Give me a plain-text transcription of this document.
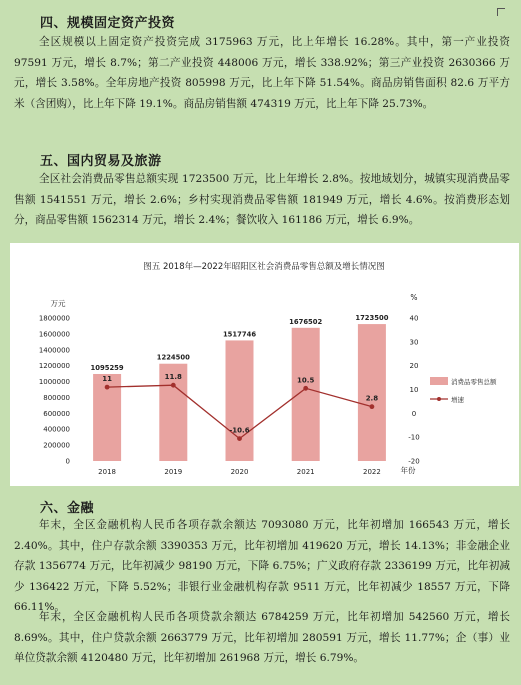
四、规模固定资产投资

全区规模以上固定资产投资完成 3175963 万元，比上年增长 16.28%。其中，第一产业投资 97591 万元，增长 8.7%；第二产业投资 448006 万元，增长 338.92%；第三产业投资 2630366 万元，增长 3.58%。全年房地产投资 805998 万元，比上年下降 51.54%。商品房销售面积 82.6 万平方米（含团购），比上年下降 19.1%。商品房销售额 474319 万元，比上年下降 25.73%。

五、国内贸易及旅游

全区社会消费品零售总额实现 1723500 万元，比上年增长 2.8%。按地域划分，城镇实现消费品零售额 1541551 万元，增长 2.6%；乡村实现消费品零售额 181949 万元，增长 4.6%。按消费形态划分，商品零售额 1562314 万元，增长 2.4%；餐饮收入 161186 万元，增长 6.9%。

图五 2018年—2022年昭阳区社会消费品零售总额及增长情况图
万元
%
年份
0
200000
400000
600000
800000
1000000
1200000
1400000
1600000
1800000
-20
-10
0
10
20
30
40
1095259
1224500
1517746
1676502	1723500
2018	2019	2020	2021	2022
11	11.8
-10.6
10.5
2.8
消费品零售总额
增速
六、金融

年末，全区金融机构人民币各项存款余额达 7093080 万元，比年初增加 166543 万元，增长 2.40%。其中，住户存款余额 3390353 万元，比年初增加 419620 万元，增长 14.13%；非金融企业存款 1356774 万元，比年初减少 98190 万元，下降 6.75%；广义政府存款 2336199 万元，比年初减少 136422 万元，下降 5.52%；非银行业金融机构存款 9511 万元，比年初减少 18557 万元，下降 66.11%。

年末，全区金融机构人民币各项贷款余额达 6784259 万元，比年初增加 542560 万元，增长 8.69%。其中，住户贷款余额 2663779 万元，比年初增加 280591 万元，增长 11.77%；企（事）业单位贷款余额 4120480 万元，比年初增加 261968 万元，增长 6.79%。
